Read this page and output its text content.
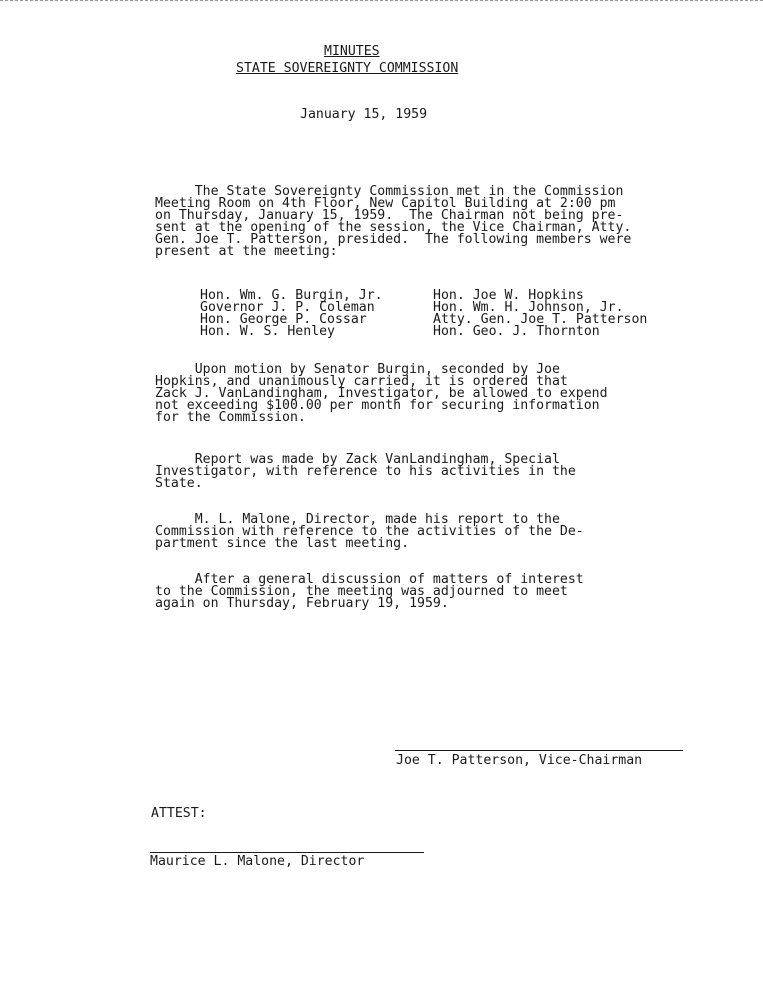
MINUTES
STATE SOVEREIGNTY COMMISSION
January 15, 1959
The State Sovereignty Commission met in the Commission
Meeting Room on 4th Floor, New Capitol Building at 2:00 pm
on Thursday, January 15, 1959.  The Chairman not being pre-
sent at the opening of the session, the Vice Chairman, Atty.
Gen. Joe T. Patterson, presided.  The following members were
present at the meeting:
Hon. Wm. G. Burgin, Jr.
Governor J. P. Coleman
Hon. George P. Cossar
Hon. W. S. Henley
Hon. Joe W. Hopkins
Hon. Wm. H. Johnson, Jr.
Atty. Gen. Joe T. Patterson
Hon. Geo. J. Thornton
Upon motion by Senator Burgin, seconded by Joe
Hopkins, and unanimously carried, it is ordered that
Zack J. VanLandingham, Investigator, be allowed to expend
not exceeding $100.00 per month for securing information
for the Commission.
Report was made by Zack VanLandingham, Special
Investigator, with reference to his activities in the
State.
M. L. Malone, Director, made his report to the
Commission with reference to the activities of the De-
partment since the last meeting.
After a general discussion of matters of interest
to the Commission, the meeting was adjourned to meet
again on Thursday, February 19, 1959.
Joe T. Patterson, Vice-Chairman
ATTEST:
Maurice L. Malone, Director
